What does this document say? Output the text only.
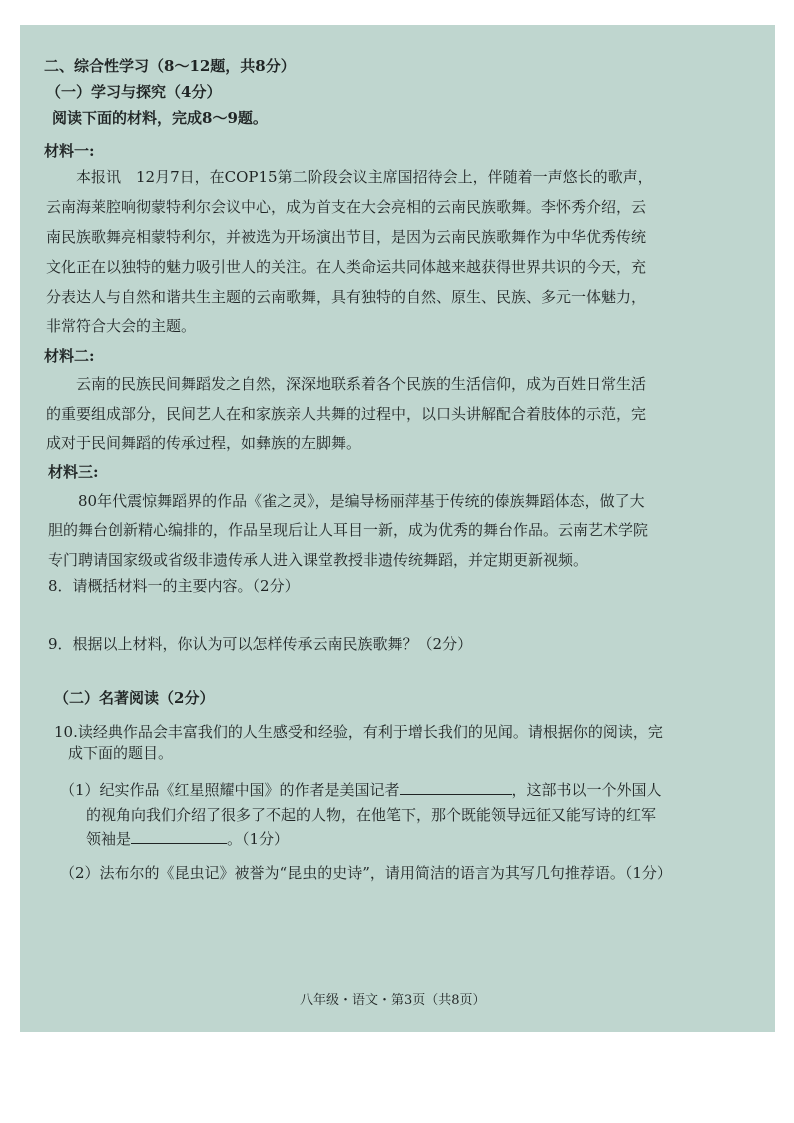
二、综合性学习（8～12题，共8分）
（一）学习与探究（4分）
阅读下面的材料，完成8～9题。
材料一:
本报讯　12月7日，在COP15第二阶段会议主席国招待会上，伴随着一声悠长的歌声，
云南海莱腔响彻蒙特利尔会议中心，成为首支在大会亮相的云南民族歌舞。李怀秀介绍，云
南民族歌舞亮相蒙特利尔，并被选为开场演出节目，是因为云南民族歌舞作为中华优秀传统
文化正在以独特的魅力吸引世人的关注。在人类命运共同体越来越获得世界共识的今天，充
分表达人与自然和谐共生主题的云南歌舞，具有独特的自然、原生、民族、多元一体魅力，
非常符合大会的主题。
材料二:
云南的民族民间舞蹈发之自然，深深地联系着各个民族的生活信仰，成为百姓日常生活
的重要组成部分，民间艺人在和家族亲人共舞的过程中，以口头讲解配合着肢体的示范，完
成对于民间舞蹈的传承过程，如彝族的左脚舞。
材料三:
80年代震惊舞蹈界的作品《雀之灵》，是编导杨丽萍基于传统的傣族舞蹈体态，做了大
胆的舞台创新精心编排的，作品呈现后让人耳目一新，成为优秀的舞台作品。云南艺术学院
专门聘请国家级或省级非遗传承人进入课堂教授非遗传统舞蹈，并定期更新视频。
8．请概括材料一的主要内容。（2分）
9．根据以上材料，你认为可以怎样传承云南民族歌舞？（2分）
（二）名著阅读（2分）
10.读经典作品会丰富我们的人生感受和经验，有利于增长我们的见闻。请根据你的阅读，完
成下面的题目。
（1）纪实作品《红星照耀中国》的作者是美国记者	，这部书以一个外国人
的视角向我们介绍了很多了不起的人物，在他笔下，那个既能领导远征又能写诗的红军
领袖是	。（1分）
（2）法布尔的《昆虫记》被誉为“昆虫的史诗”，请用简洁的语言为其写几句推荐语。（1分）
八年级・语文・第3页（共8页）
